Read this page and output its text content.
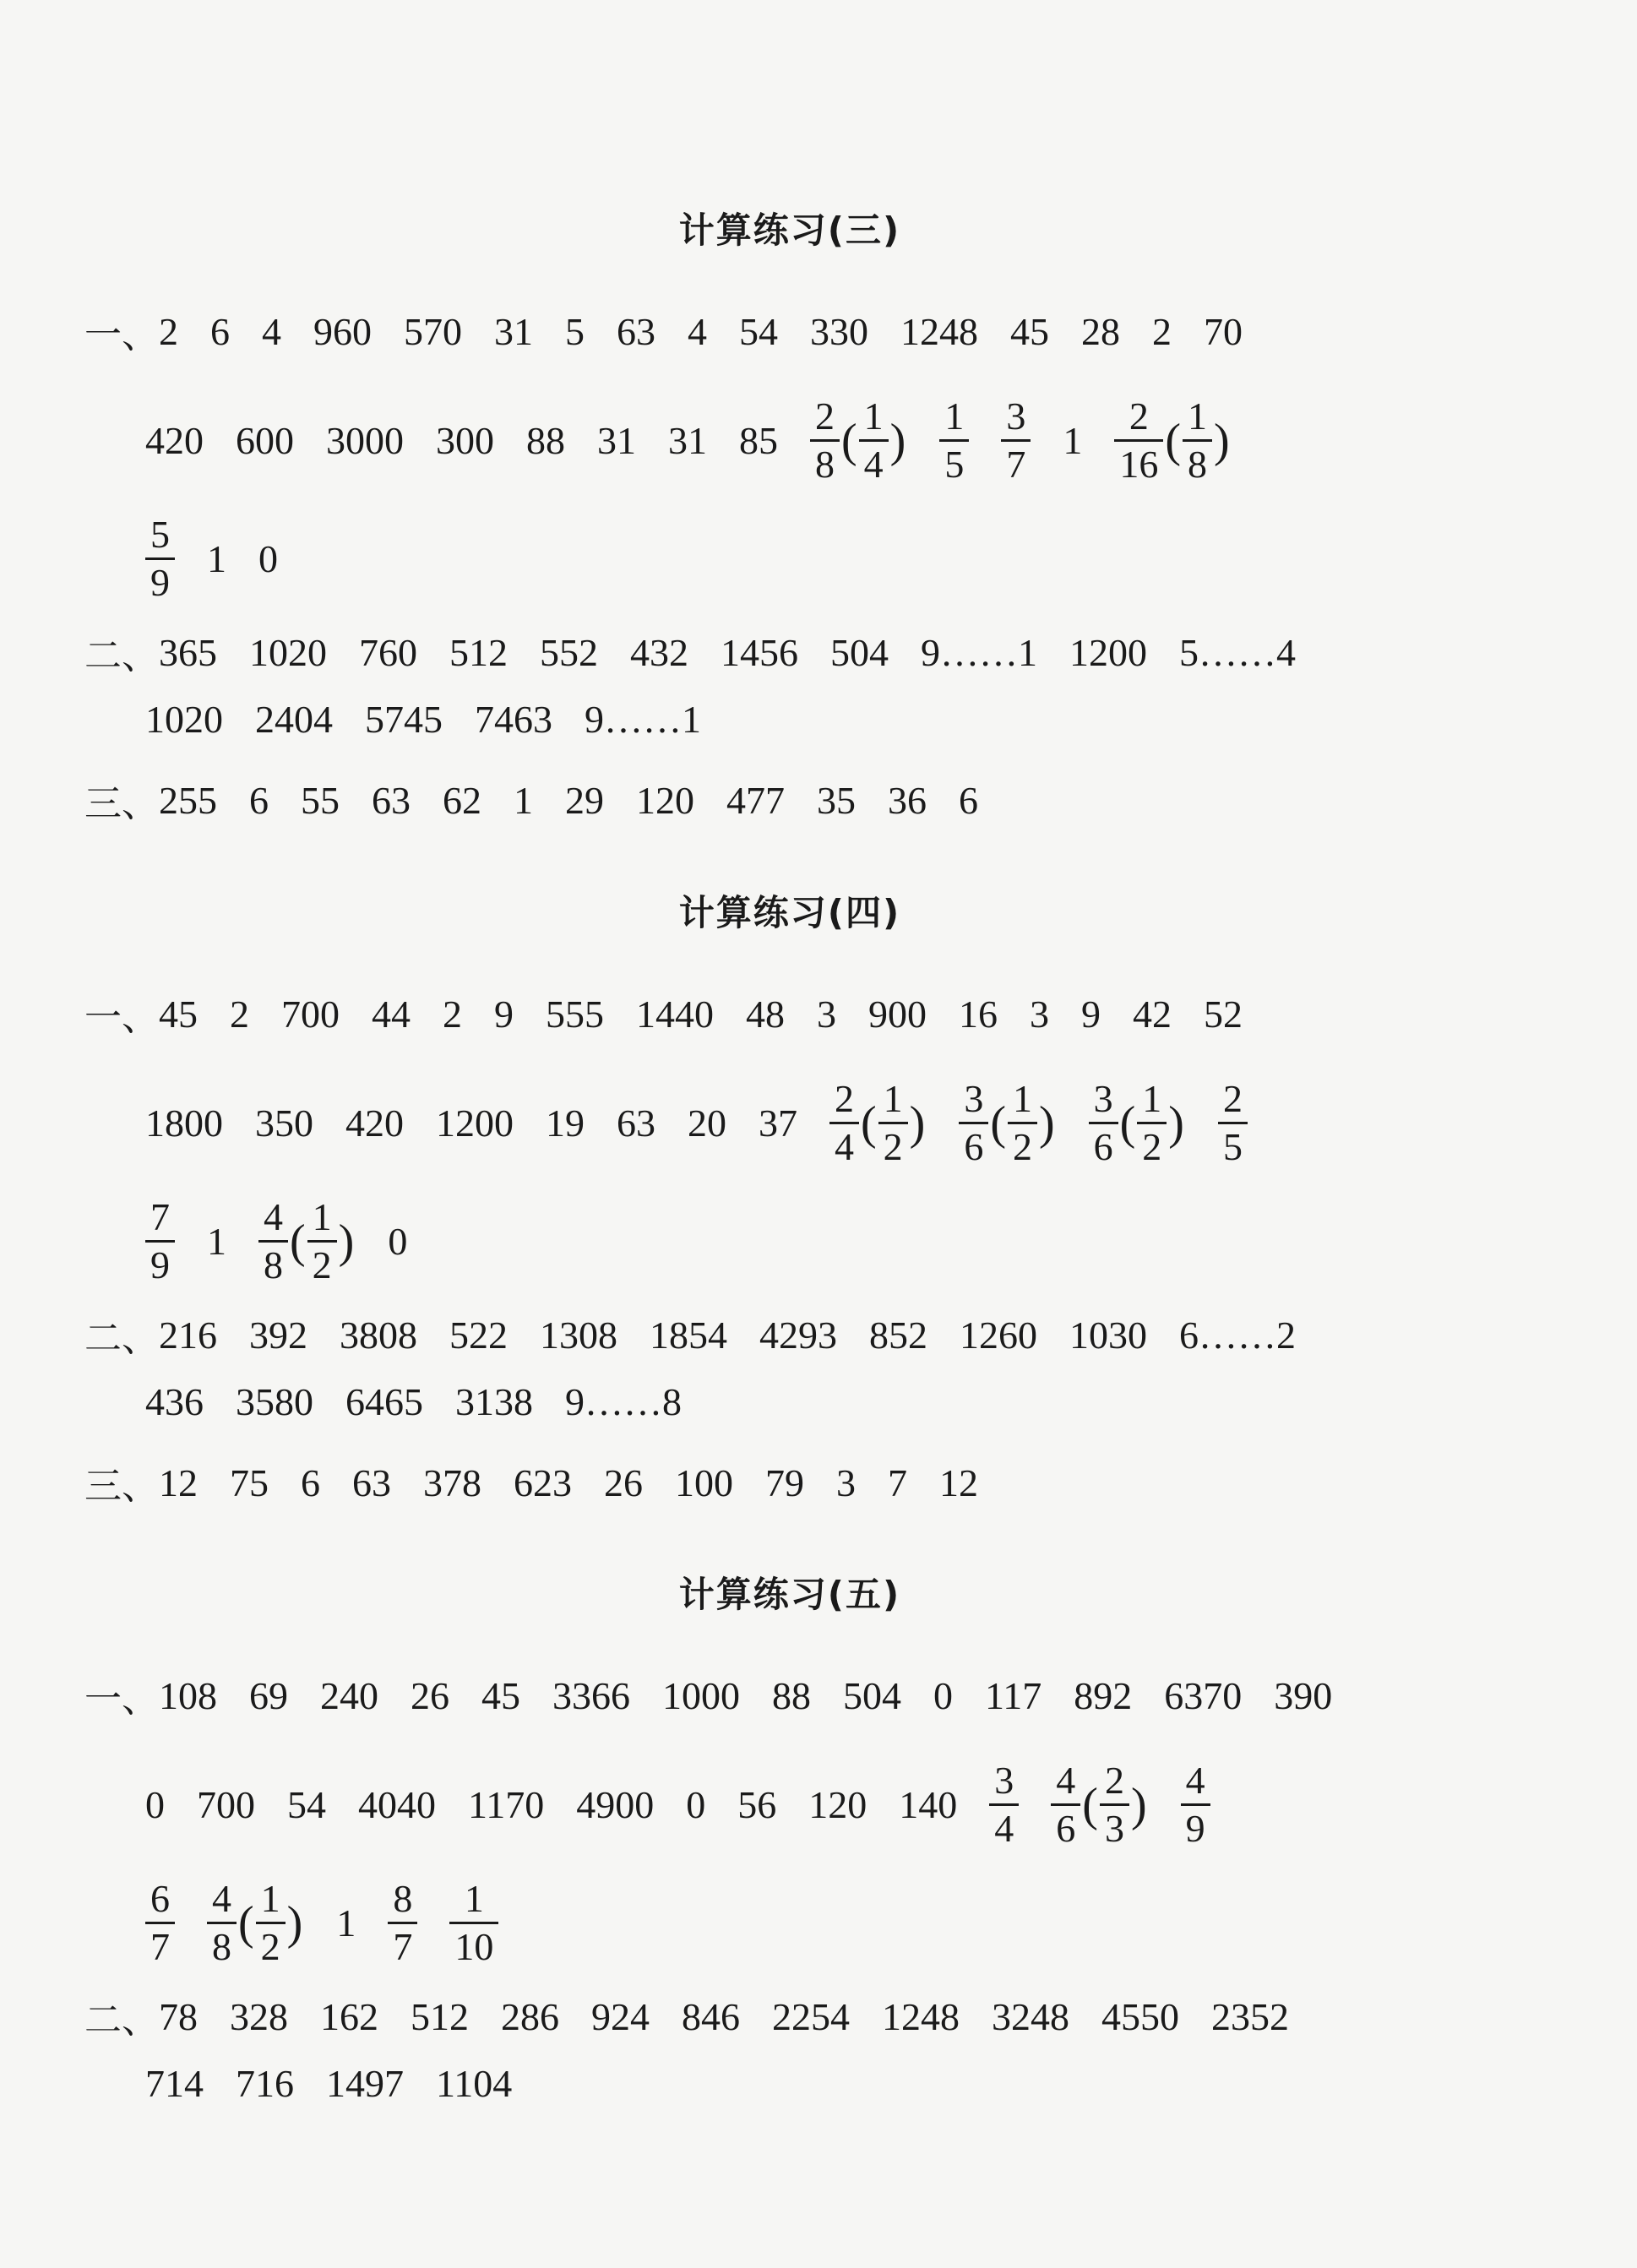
计算练习(三)
一、 2 6 4 960 570 31 5 63 4 54 330 1248 45 28 2 70
420 600 3000 300 88 31 31 $85 \frac{2}{8}$ ( $\frac{1}{4}$ ) $\frac{1}{5} \frac{3}{7} 1 \frac{2}{16}$ ( $\frac{1}{8}$ )
$\frac{5}{9} 1$ 0
二、 365 1020 760 512 552 432 1456 504 9……1 1200 5……4
1020 2404 5745 7463 9……1
三、 255 6 55 63 62 1 29 120 477 35 36 6
计算练习(四)
一、 45 2 700 44 2 9 555 1440 48 3 900 16 3 9 42 52
1800 350 420 1200 19 63 20 $37 \frac{2}{4}$ ( $\frac{1}{2}$ ) $\frac{3}{6}$ ( $\frac{1}{2}$ ) $\frac{3}{6}$ ( $\frac{1}{2}$ ) $\frac{2}{5}$
$\frac{7}{9} 1 \frac{4}{8}$ ( $\frac{1}{2}$ ) 0
二、 216 392 3808 522 1308 1854 4293 852 1260 1030 6……2
436 3580 6465 3138 9……8
三、 12 75 6 63 378 623 26 100 79 3 7 12
计算练习(五)
一、 108 69 240 26 45 3366 1000 88 504 0 117 892 6370 390
0 700 54 4040 1170 4900 0 56 120 $140 \frac{3}{4} \frac{4}{6}$ ( $\frac{2}{3}$ ) $\frac{4}{9}$
$\frac{6}{7} \frac{4}{8}$ ( $\frac{1}{2}$ ) $1 \frac{8}{7} \frac{1}{10}$
二、 78 328 162 512 286 924 846 2254 1248 3248 4550 2352
714 716 1497 1104
